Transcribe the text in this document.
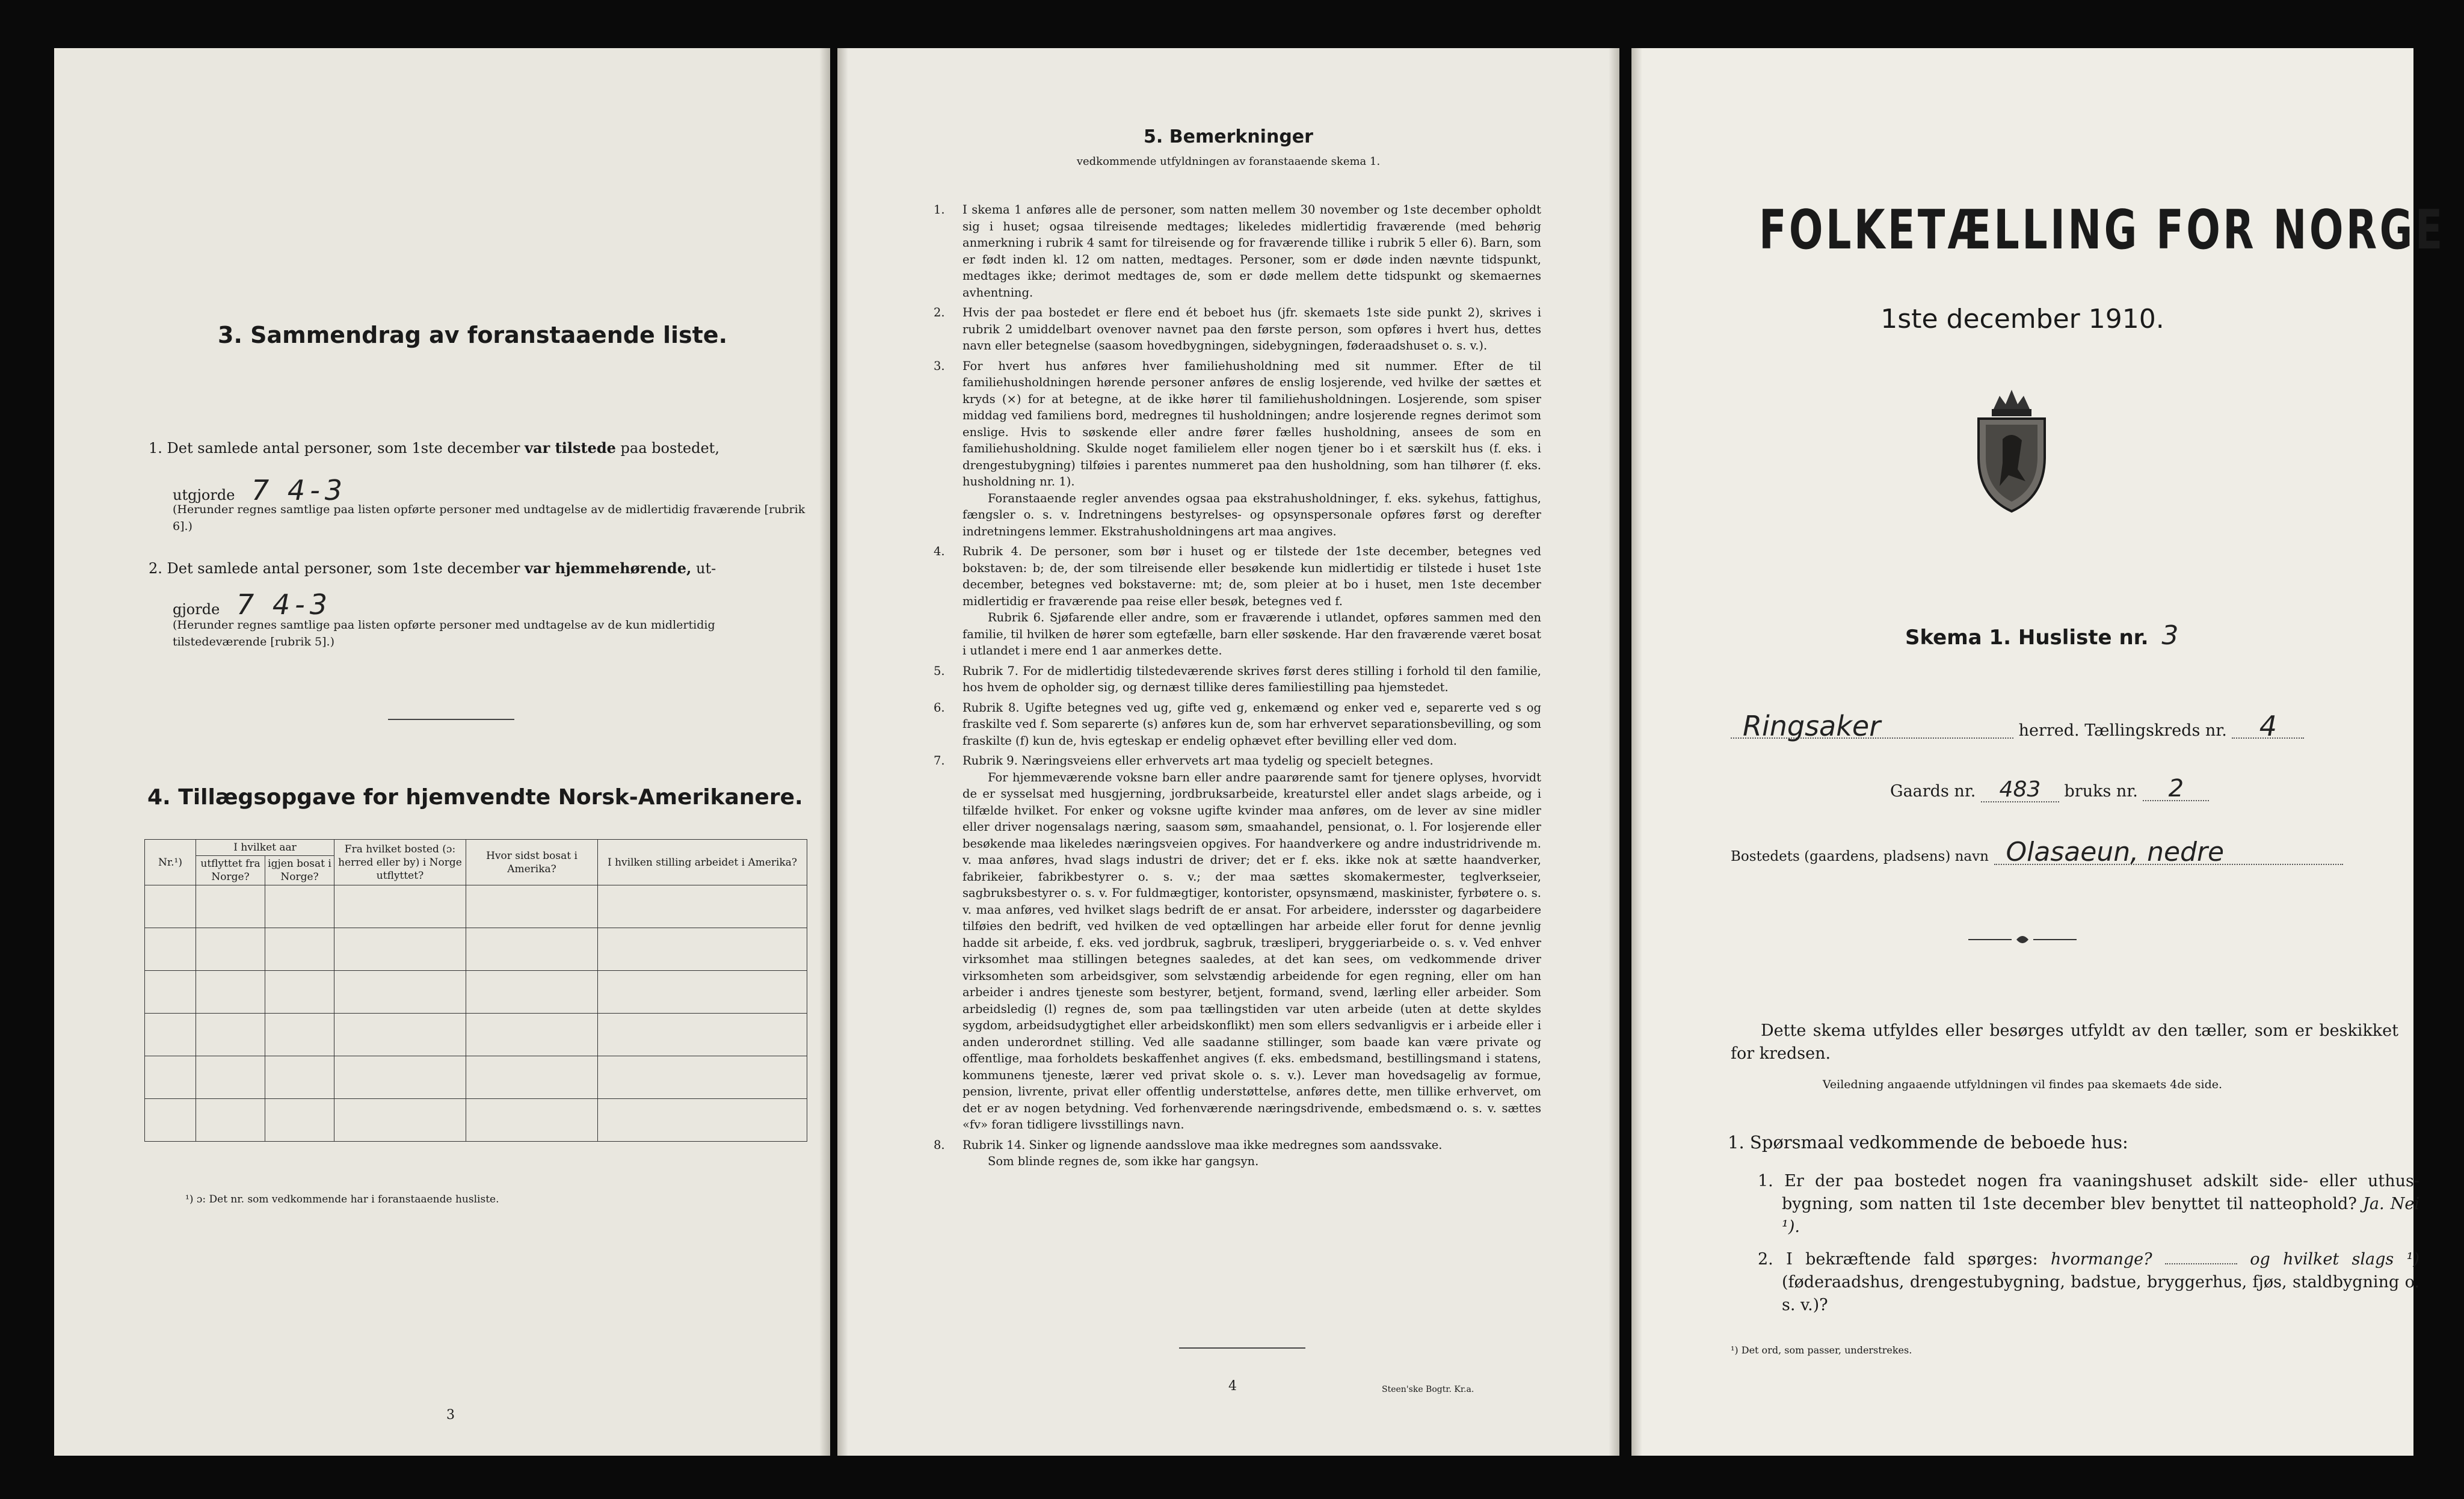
3. Sammendrag av foranstaaende liste.
1. Det samlede antal personer, som 1ste december var tilstede paa bostedet,
utgjorde 7 4-3
(Herunder regnes samtlige paa listen opførte personer med undtagelse av de midlertidig fraværende [rubrik 6].)
2. Det samlede antal personer, som 1ste december var hjemmehørende, ut-
gjorde 7 4-3
(Herunder regnes samtlige paa listen opførte personer med undtagelse av de kun midlertidig tilstedeværende [rubrik 5].)
4. Tillægsopgave for hjemvendte Norsk-Amerikanere.
Nr.¹)	I hvilket aar		Fra hvilket bosted (ɔ: herred eller by) i Norge utflyttet?	Hvor sidst bosat i Amerika?	I hvilken stilling arbeidet i Amerika?
	utflyttet fra Norge?	igjen bosat i Norge?			

¹) ɔ: Det nr. som vedkommende har i foranstaaende husliste.
3
5. Bemerkninger
vedkommende utfyldningen av foranstaaende skema 1.
1. I skema 1 anføres alle de personer, som natten mellem 30 november og 1ste december opholdt sig i huset; ogsaa tilreisende medtages; likeledes midlertidig fraværende (med behørig anmerkning i rubrik 4 samt for tilreisende og for fraværende tillike i rubrik 5 eller 6). Barn, som er født inden kl. 12 om natten, medtages. Personer, som er døde inden nævnte tidspunkt, medtages ikke; derimot medtages de, som er døde mellem dette tidspunkt og skemaernes avhentning.
2. Hvis der paa bostedet er flere end ét beboet hus (jfr. skemaets 1ste side punkt 2), skrives i rubrik 2 umiddelbart ovenover navnet paa den første person, som opføres i hvert hus, dettes navn eller betegnelse (saasom hovedbygningen, sidebygningen, føderaadshuset o. s. v.).
3. For hvert hus anføres hver familiehusholdning med sit nummer. Efter de til familiehusholdningen hørende personer anføres de enslig losjerende, ved hvilke der sættes et kryds (×) for at betegne, at de ikke hører til familiehusholdningen. Losjerende, som spiser middag ved familiens bord, medregnes til husholdningen; andre losjerende regnes derimot som enslige. Hvis to søskende eller andre fører fælles husholdning, ansees de som en familiehusholdning. Skulde noget familielem eller nogen tjener bo i et særskilt hus (f. eks. i drengestubygning) tilføies i parentes nummeret paa den husholdning, som han tilhører (f. eks. husholdning nr. 1).
Foranstaaende regler anvendes ogsaa paa ekstrahusholdninger, f. eks. sykehus, fattighus, fængsler o. s. v. Indretningens bestyrelses- og opsynspersonale opføres først og derefter indretningens lemmer. Ekstrahusholdningens art maa angives.
4. Rubrik 4. De personer, som bør i huset og er tilstede der 1ste december, betegnes ved bokstaven: b; de, der som tilreisende eller besøkende kun midlertidig er tilstede i huset 1ste december, betegnes ved bokstaverne: mt; de, som pleier at bo i huset, men 1ste december midlertidig er fraværende paa reise eller besøk, betegnes ved f.
Rubrik 6. Sjøfarende eller andre, som er fraværende i utlandet, opføres sammen med den familie, til hvilken de hører som egtefælle, barn eller søskende. Har den fraværende været bosat i utlandet i mere end 1 aar anmerkes dette.
5. Rubrik 7. For de midlertidig tilstedeværende skrives først deres stilling i forhold til den familie, hos hvem de opholder sig, og dernæst tillike deres familiestilling paa hjemstedet.
6. Rubrik 8. Ugifte betegnes ved ug, gifte ved g, enkemænd og enker ved e, separerte ved s og fraskilte ved f. Som separerte (s) anføres kun de, som har erhvervet separationsbevilling, og som fraskilte (f) kun de, hvis egteskap er endelig ophævet efter bevilling eller ved dom.
7. Rubrik 9. Næringsveiens eller erhvervets art maa tydelig og specielt betegnes.
For hjemmeværende voksne barn eller andre paarørende samt for tjenere oplyses, hvorvidt de er sysselsat med husgjerning, jordbruksarbeide, kreaturstel eller andet slags arbeide, og i tilfælde hvilket. For enker og voksne ugifte kvinder maa anføres, om de lever av sine midler eller driver nogensalags næring, saasom søm, smaahandel, pensionat, o. l. For losjerende eller besøkende maa likeledes næringsveien opgives. For haandverkere og andre industridrivende m. v. maa anføres, hvad slags industri de driver; det er f. eks. ikke nok at sætte haandverker, fabrikeier, fabrikbestyrer o. s. v.; der maa sættes skomakermester, teglverkseier, sagbruksbestyrer o. s. v. For fuldmægtiger, kontorister, opsynsmænd, maskinister, fyrbøtere o. s. v. maa anføres, ved hvilket slags bedrift de er ansat. For arbeidere, indersster og dagarbeidere tilføies den bedrift, ved hvilken de ved optællingen har arbeide eller forut for denne jevnlig hadde sit arbeide, f. eks. ved jordbruk, sagbruk, træsliperi, bryggeriarbeide o. s. v. Ved enhver virksomhet maa stillingen betegnes saaledes, at det kan sees, om vedkommende driver virksomheten som arbeidsgiver, som selvstændig arbeidende for egen regning, eller om han arbeider i andres tjeneste som bestyrer, betjent, formand, svend, lærling eller arbeider. Som arbeidsledig (l) regnes de, som paa tællingstiden var uten arbeide (uten at dette skyldes sygdom, arbeidsudygtighet eller arbeidskonflikt) men som ellers sedvanligvis er i arbeide eller i anden underordnet stilling. Ved alle saadanne stillinger, som baade kan være private og offentlige, maa forholdets beskaffenhet angives (f. eks. embedsmand, bestillingsmand i statens, kommunens tjeneste, lærer ved privat skole o. s. v.). Lever man hovedsagelig av formue, pension, livrente, privat eller offentlig understøttelse, anføres dette, men tillike erhvervet, om det er av nogen betydning. Ved forhenværende næringsdrivende, embedsmænd o. s. v. sættes «fv» foran tidligere livsstillings navn.
8. Rubrik 14. Sinker og lignende aandsslove maa ikke medregnes som aandssvake.
Som blinde regnes de, som ikke har gangsyn.
4	Steen'ske Bogtr. Kr.a.
FOLKETÆLLING FOR NORGE
1ste december 1910.
Skema 1. Husliste nr. 3
Ringsaker	herred. Tællingskreds nr. 4
Gaards nr. 483 bruks nr. 2
Bostedets (gaardens, pladsens) navn Olasaeun, nedre
Dette skema utfyldes eller besørges utfyldt av den tæller, som er beskikket for kredsen.
Veiledning angaaende utfyldningen vil findes paa skemaets 4de side.
1. Spørsmaal vedkommende de beboede hus:
1. Er der paa bostedet nogen fra vaaningshuset adskilt side- eller uthus-bygning, som natten til 1ste december blev benyttet til natteophold? Ja. Nei ¹).
2. I bekræftende fald spørges: hvormange?	og hvilket slags ¹) (føderaadshus, drengestubygning, badstue, bryggerhus, fjøs, staldbygning o. s. v.)?
¹) Det ord, som passer, understrekes.
